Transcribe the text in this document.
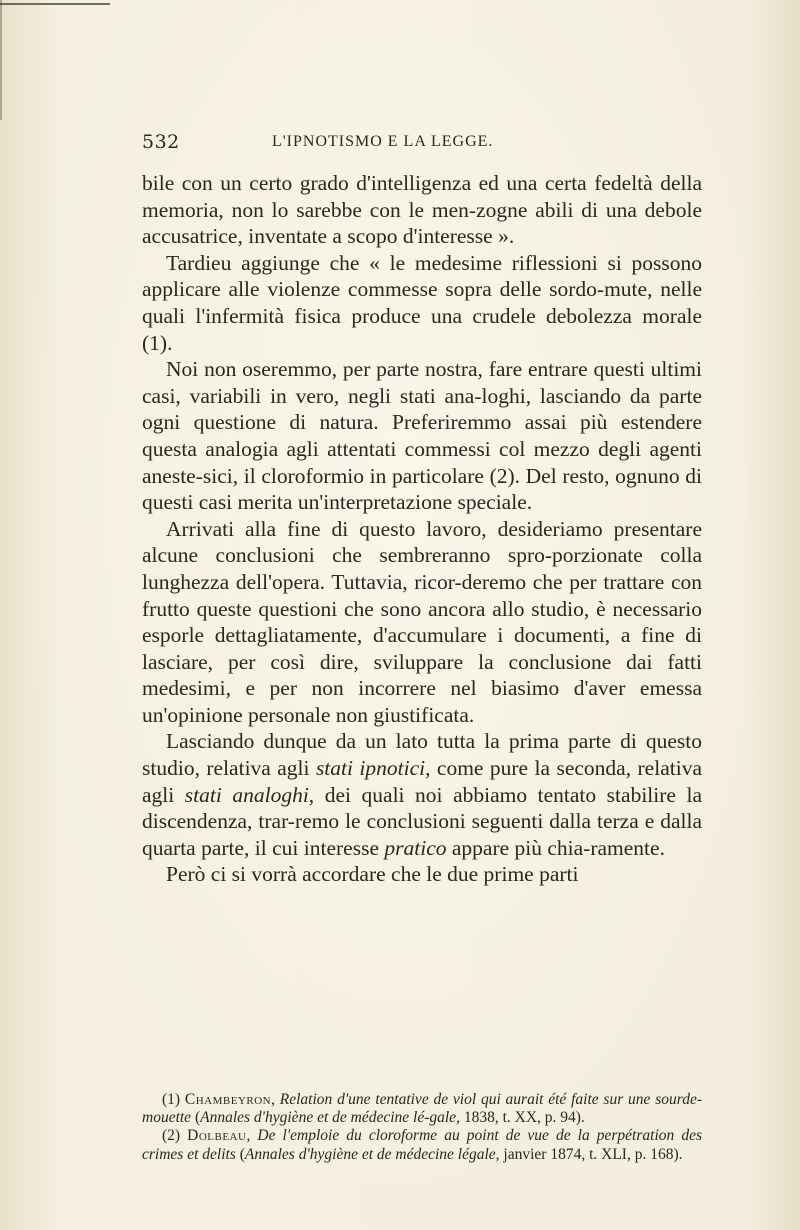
532	L'IPNOTISMO E LA LEGGE.

bile con un certo grado d'intelligenza ed una certa fedeltà della memoria, non lo sarebbe con le men-zogne abili di una debole accusatrice, inventate a scopo d'interesse ».

Tardieu aggiunge che « le medesime riflessioni si possono applicare alle violenze commesse sopra delle sordo-mute, nelle quali l'infermità fisica produce una crudele debolezza morale (1).

Noi non oseremmo, per parte nostra, fare entrare questi ultimi casi, variabili in vero, negli stati ana-loghi, lasciando da parte ogni questione di natura. Preferiremmo assai più estendere questa analogia agli attentati commessi col mezzo degli agenti aneste-sici, il cloroformio in particolare (2). Del resto, ognuno di questi casi merita un'interpretazione speciale.

Arrivati alla fine di questo lavoro, desideriamo presentare alcune conclusioni che sembreranno spro-porzionate colla lunghezza dell'opera. Tuttavia, ricor-deremo che per trattare con frutto queste questioni che sono ancora allo studio, è necessario esporle dettagliatamente, d'accumulare i documenti, a fine di lasciare, per così dire, sviluppare la conclusione dai fatti medesimi, e per non incorrere nel biasimo d'aver emessa un'opinione personale non giustificata.

Lasciando dunque da un lato tutta la prima parte di questo studio, relativa agli stati ipnotici, come pure la seconda, relativa agli stati analoghi, dei quali noi abbiamo tentato stabilire la discendenza, trar-remo le conclusioni seguenti dalla terza e dalla quarta parte, il cui interesse pratico appare più chia-ramente.

Però ci si vorrà accordare che le due prime parti

(1) Chambeyron, Relation d'une tentative de viol qui aurait été faite sur une sourde-mouette (Annales d'hygiène et de médecine lé-gale, 1838, t. XX, p. 94).

(2) Dolbeau, De l'emploie du cloroforme au point de vue de la perpétration des crimes et delits (Annales d'hygiène et de médecine légale, janvier 1874, t. XLI, p. 168).
